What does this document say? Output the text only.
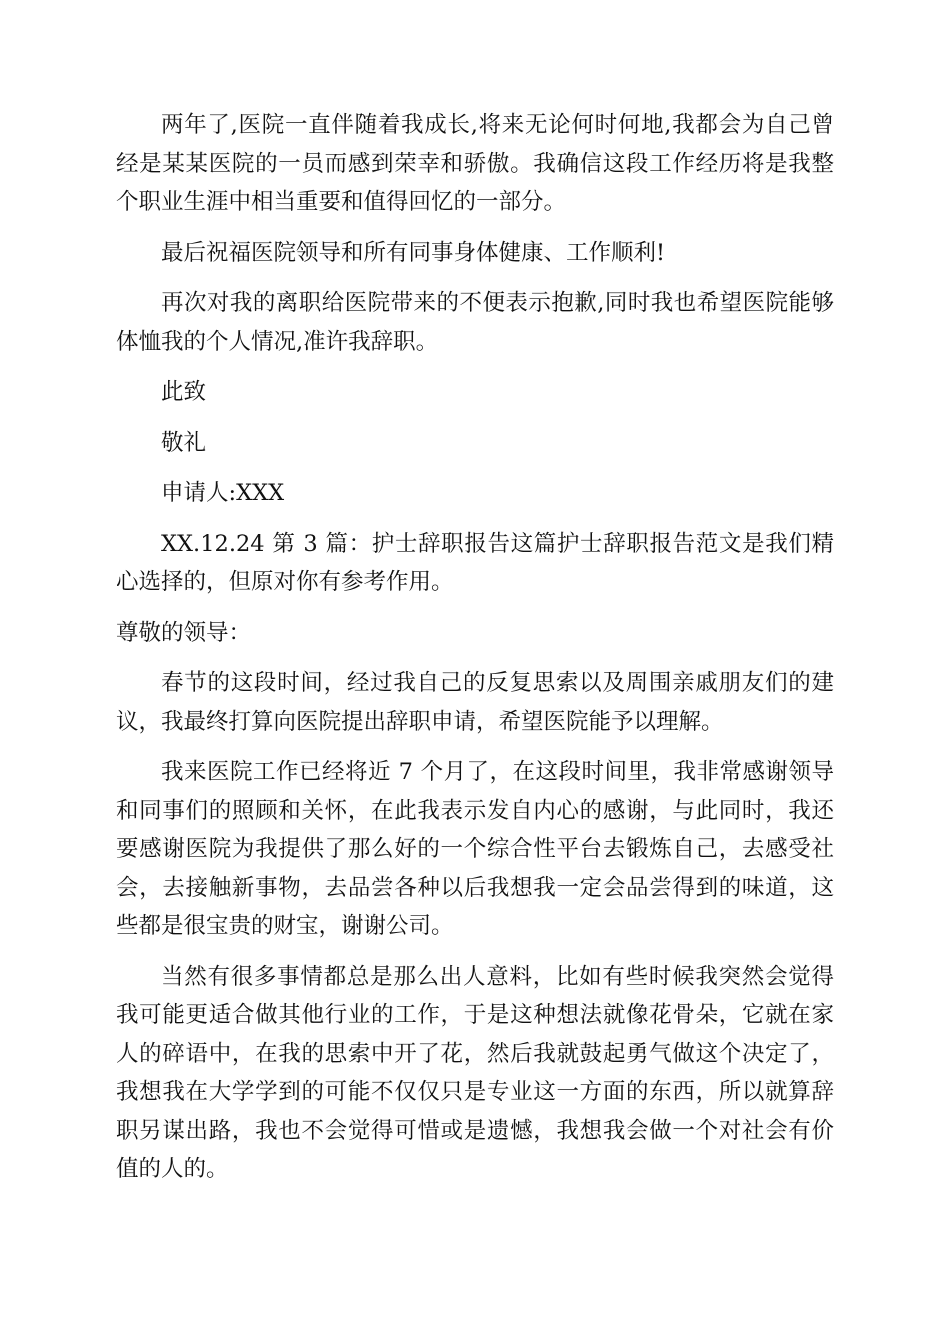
两年了,医院一直伴随着我成长,将来无论何时何地,我都会为自己曾经是某某医院的一员而感到荣幸和骄傲。我确信这段工作经历将是我整个职业生涯中相当重要和值得回忆的一部分。

最后祝福医院领导和所有同事身体健康、工作顺利!

再次对我的离职给医院带来的不便表示抱歉,同时我也希望医院能够体恤我的个人情况,准许我辞职。

此致

敬礼

申请人:XXX

XX.12.24 第 3 篇：护士辞职报告这篇护士辞职报告范文是我们精心选择的，但原对你有参考作用。

尊敬的领导：

春节的这段时间，经过我自己的反复思索以及周围亲戚朋友们的建议，我最终打算向医院提出辞职申请，希望医院能予以理解。

我来医院工作已经将近 7 个月了，在这段时间里，我非常感谢领导和同事们的照顾和关怀，在此我表示发自内心的感谢，与此同时，我还要感谢医院为我提供了那么好的一个综合性平台去锻炼自己，去感受社会，去接触新事物，去品尝各种以后我想我一定会品尝得到的味道，这些都是很宝贵的财宝，谢谢公司。

当然有很多事情都总是那么出人意料，比如有些时候我突然会觉得我可能更适合做其他行业的工作，于是这种想法就像花骨朵，它就在家人的碎语中，在我的思索中开了花，然后我就鼓起勇气做这个决定了，我想我在大学学到的可能不仅仅只是专业这一方面的东西，所以就算辞职另谋出路，我也不会觉得可惜或是遗憾，我想我会做一个对社会有价值的人的。
